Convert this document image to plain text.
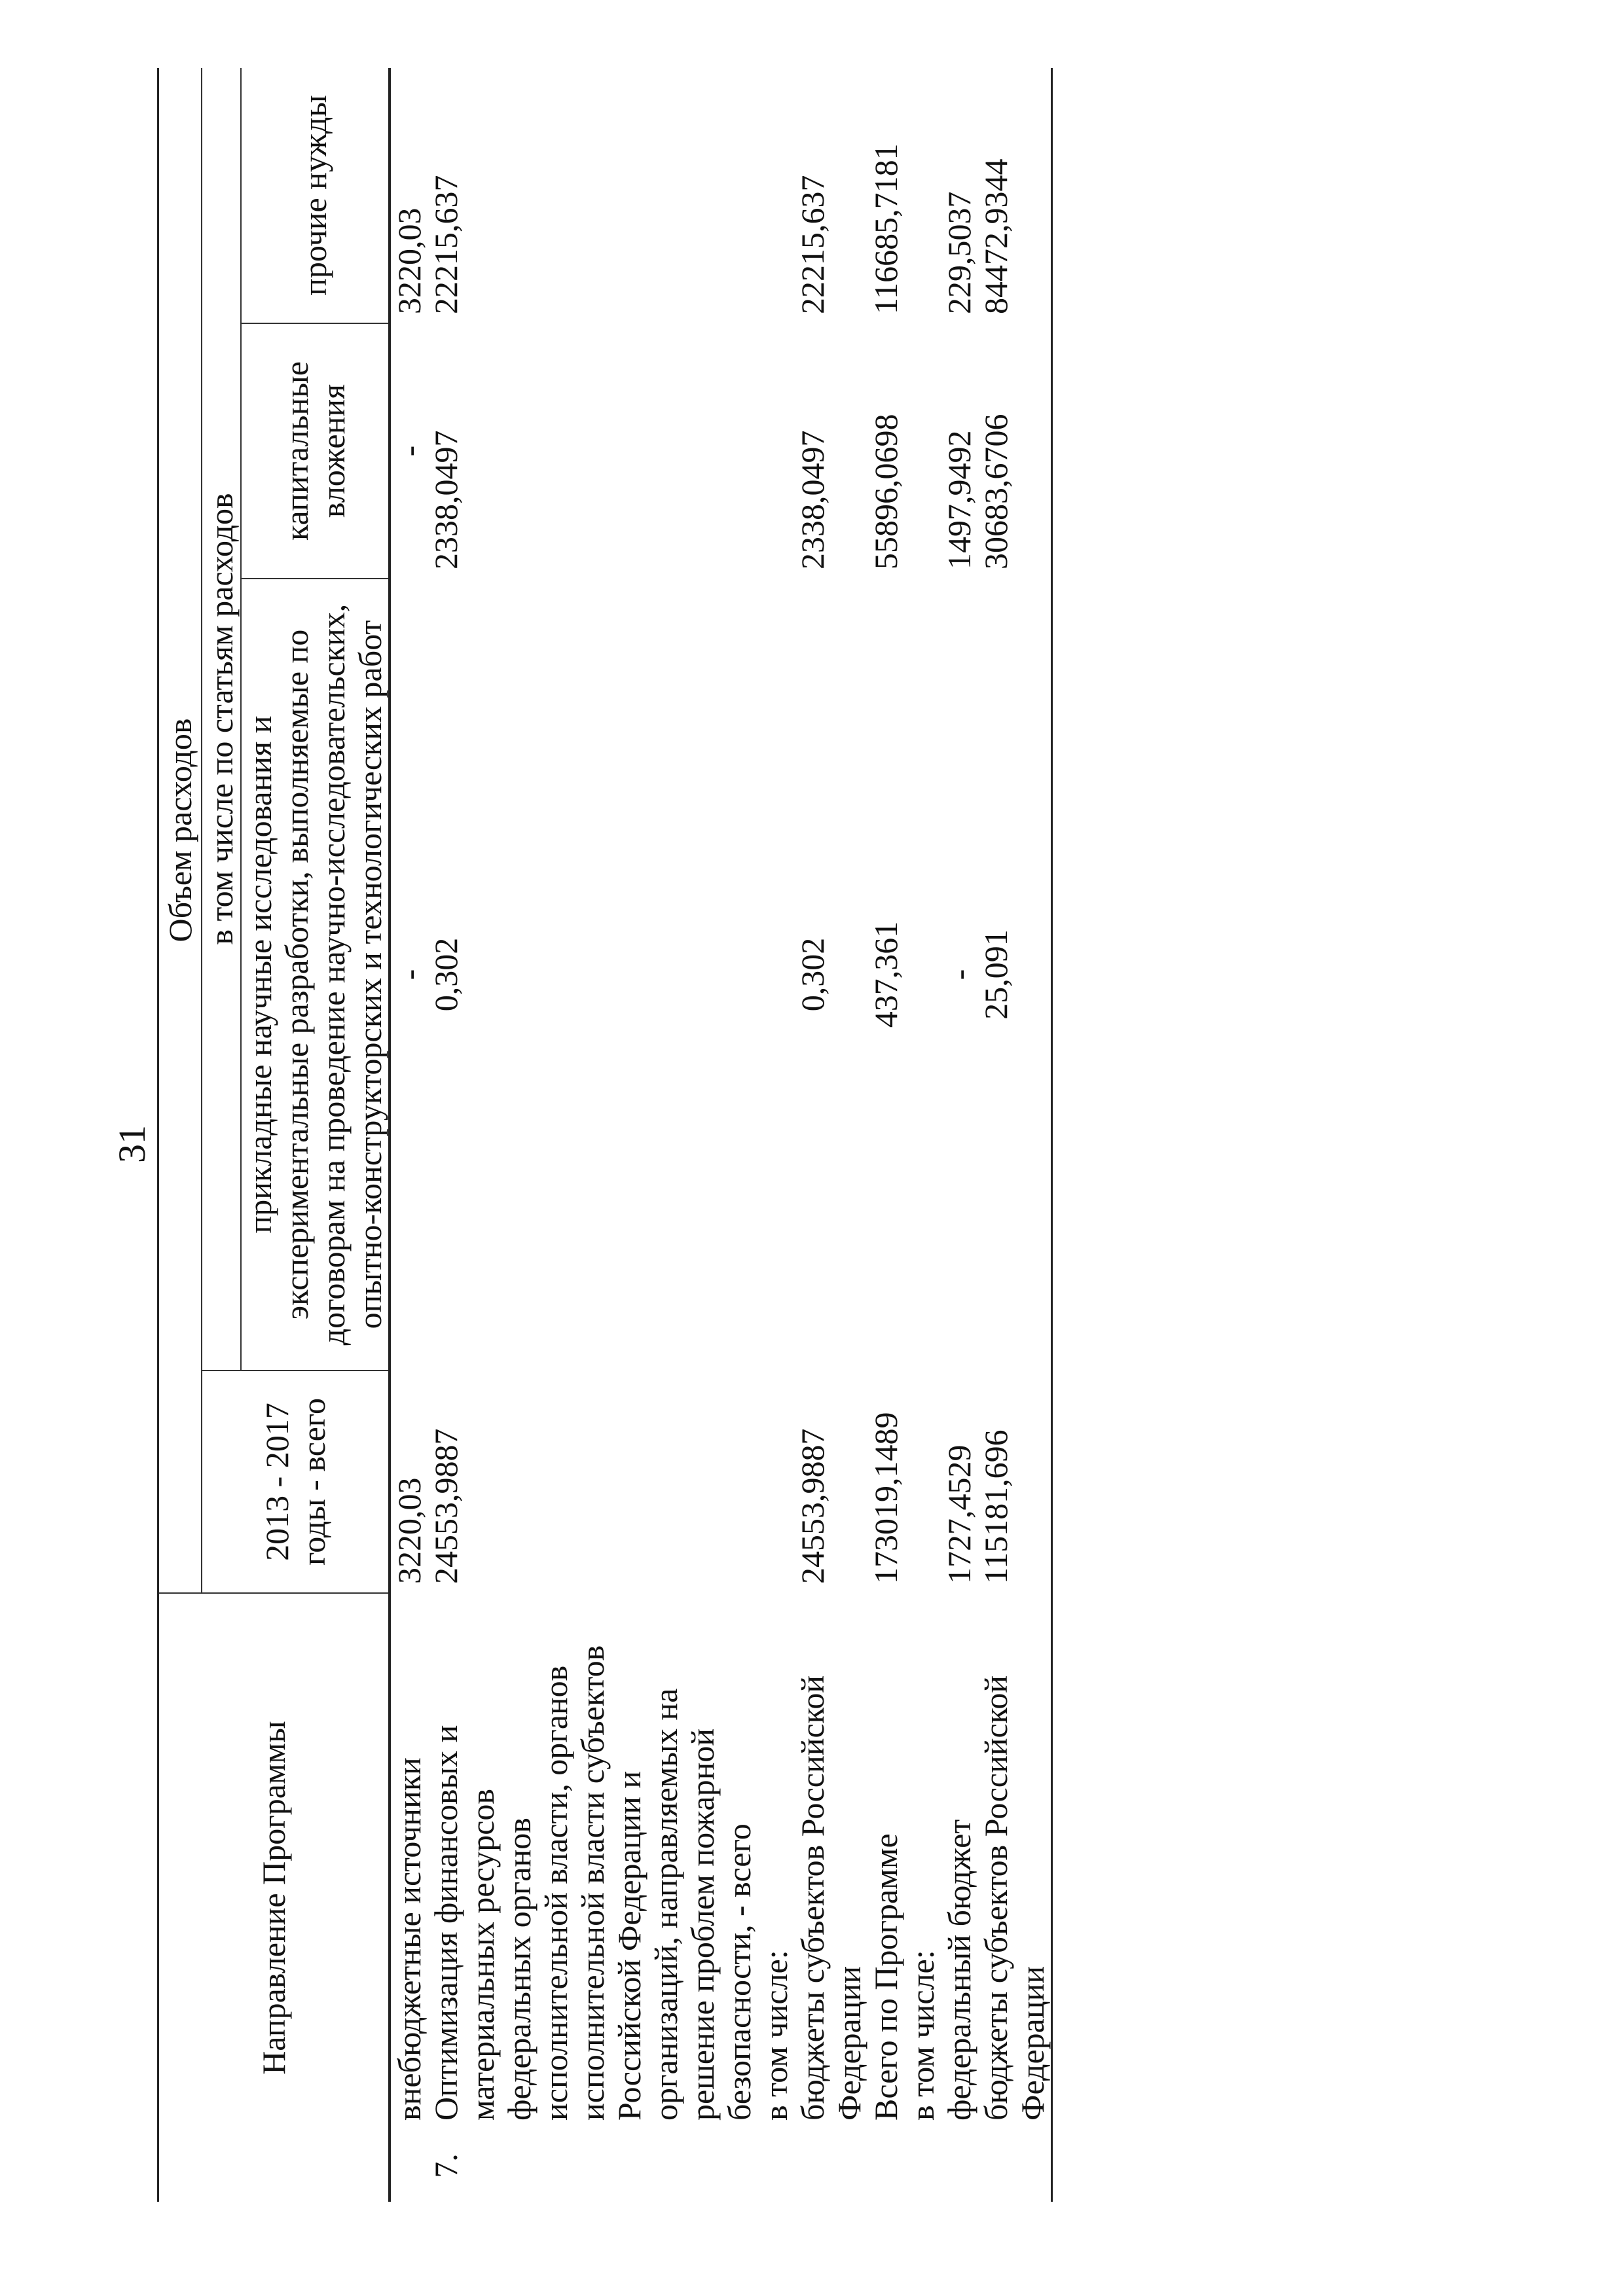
31
Направление Программы		Объем расходов			
		2013 - 2017 годы - всего	в том числе по статьям расходов		
			прикладные научные исследования и экспериментальные разработки, выполняемые по договорам на проведение научно-исследовательских, опытно-конструкторских и технологических работ	капитальные вложения	прочие нужды
	внебюджетные источники	3220,03	-	-	3220,03
7.	Оптимизация финансовых и материальных ресурсов федеральных органов исполнительной власти, органов исполнительной власти субъектов Российской Федерации и организаций, направляемых на решение проблем пожарной безопасности, - всего	24553,9887	0,302	2338,0497	22215,637
	в том числе:				
	бюджеты субъектов Российской Федерации	24553,9887	0,302	2338,0497	22215,637
	Всего по Программе	173019,1489	437,361	55896,0698	116685,7181
	в том числе:				
	федеральный бюджет	1727,4529	-	1497,9492	229,5037
	бюджеты субъектов Российской Федерации	115181,696	25,091	30683,6706	84472,9344
